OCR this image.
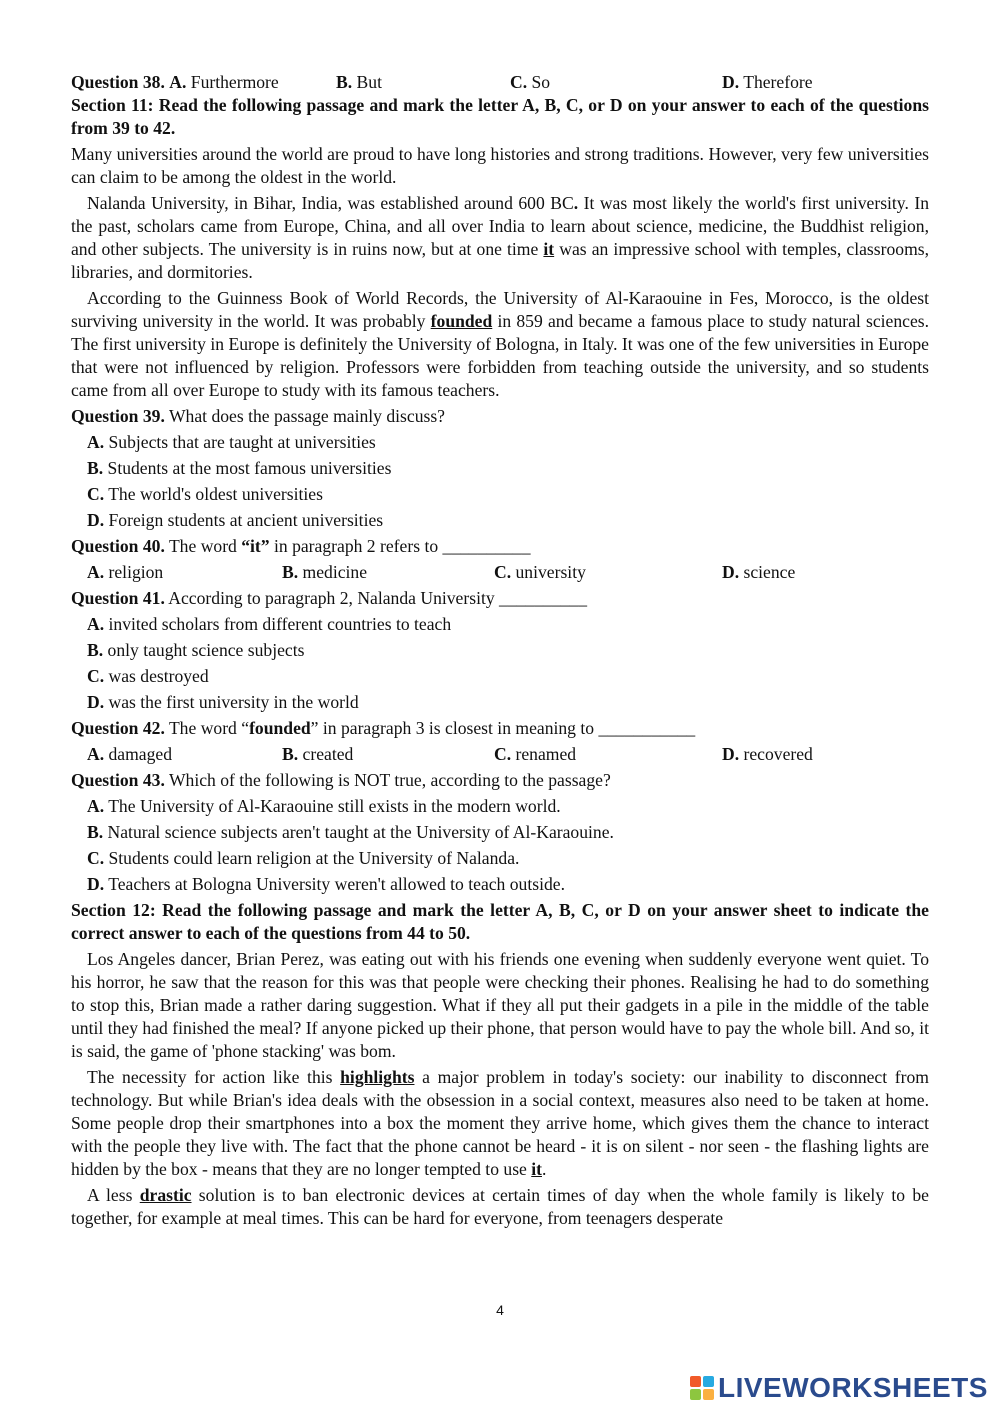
Question 38. A. Furthermore	B. But	C. So	D. Therefore

Section 11: Read the following passage and mark the letter A, B, C, or D on your answer to each of the questions from 39 to 42.

Many universities around the world are proud to have long histories and strong traditions. However, very few universities can claim to be among the oldest in the world.

Nalanda University, in Bihar, India, was established around 600 BC. It was most likely the world's first university. In the past, scholars came from Europe, China, and all over India to learn about science, medicine, the Buddhist religion, and other subjects. The university is in ruins now, but at one time it was an impressive school with temples, classrooms, libraries, and dormitories.

According to the Guinness Book of World Records, the University of Al-Karaouine in Fes, Morocco, is the oldest surviving university in the world. It was probably founded in 859 and became a famous place to study natural sciences. The first university in Europe is definitely the University of Bologna, in Italy. It was one of the few universities in Europe that were not influenced by religion. Professors were forbidden from teaching outside the university, and so students came from all over Europe to study with its famous teachers.

Question 39. What does the passage mainly discuss?

A. Subjects that are taught at universities

B. Students at the most famous universities

C. The world's oldest universities

D. Foreign students at ancient universities

Question 40. The word “it” in paragraph 2 refers to __________

A. religion	B. medicine	C. university	D. science

Question 41. According to paragraph 2, Nalanda University __________

A. invited scholars from different countries to teach

B. only taught science subjects

C. was destroyed

D. was the first university in the world

Question 42. The word “founded” in paragraph 3 is closest in meaning to ___________

A. damaged	B. created	C. renamed	D. recovered

Question 43. Which of the following is NOT true, according to the passage?

A. The University of Al-Karaouine still exists in the modern world.

B. Natural science subjects aren't taught at the University of Al-Karaouine.

C. Students could learn religion at the University of Nalanda.

D. Teachers at Bologna University weren't allowed to teach outside.

Section 12: Read the following passage and mark the letter A, B, C, or D on your answer sheet to indicate the correct answer to each of the questions from 44 to 50.

Los Angeles dancer, Brian Perez, was eating out with his friends one evening when suddenly everyone went quiet. To his horror, he saw that the reason for this was that people were checking their phones. Realising he had to do something to stop this, Brian made a rather daring suggestion. What if they all put their gadgets in a pile in the middle of the table until they had finished the meal? If anyone picked up their phone, that person would have to pay the whole bill. And so, it is said, the game of 'phone stacking' was bom.

The necessity for action like this highlights a major problem in today's society: our inability to disconnect from technology. But while Brian's idea deals with the obsession in a social context, measures also need to be taken at home. Some people drop their smartphones into a box the moment they arrive home, which gives them the chance to interact with the people they live with. The fact that the phone cannot be heard - it is on silent - nor seen - the flashing lights are hidden by the box - means that they are no longer tempted to use it.

A less drastic solution is to ban electronic devices at certain times of day when the whole family is likely to be together, for example at meal times. This can be hard for everyone, from teenagers desperate

4
LIVEWORKSHEETS
